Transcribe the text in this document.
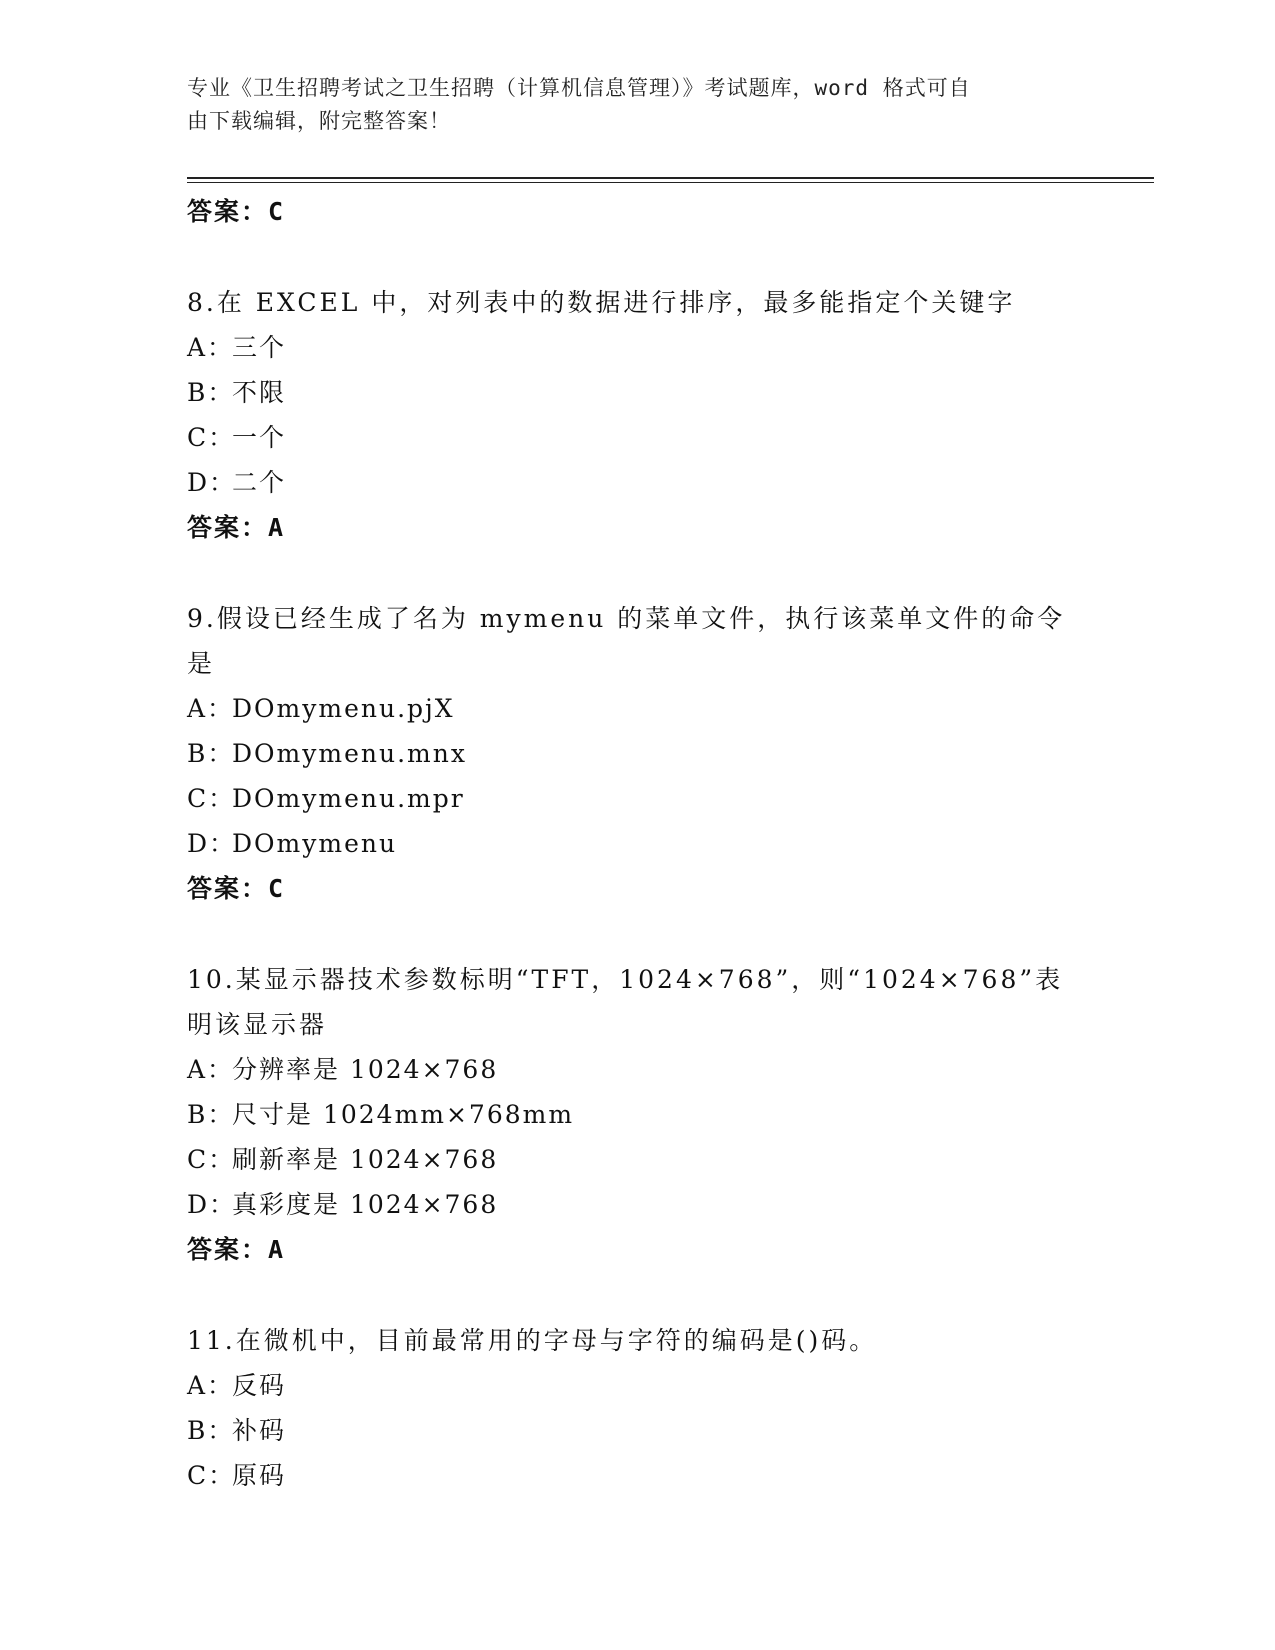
专业《卫生招聘考试之卫生招聘（计算机信息管理）》考试题库，word 格式可自
由下载编辑，附完整答案！
答案：C
8.在 EXCEL 中，对列表中的数据进行排序，最多能指定个关键字
A：三个
B：不限
C：一个
D：二个
答案：A
9.假设已经生成了名为 mymenu 的菜单文件，执行该菜单文件的命令是
A：DOmymenu.pjX
B：DOmymenu.mnx
C：DOmymenu.mpr
D：DOmymenu
答案：C
10.某显示器技术参数标明“TFT，1024×768”，则“1024×768”表
明该显示器
A：分辨率是 1024×768
B：尺寸是 1024mm×768mm
C：刷新率是 1024×768
D：真彩度是 1024×768
答案：A
11.在微机中，目前最常用的字母与字符的编码是()码。
A：反码
B：补码
C：原码
